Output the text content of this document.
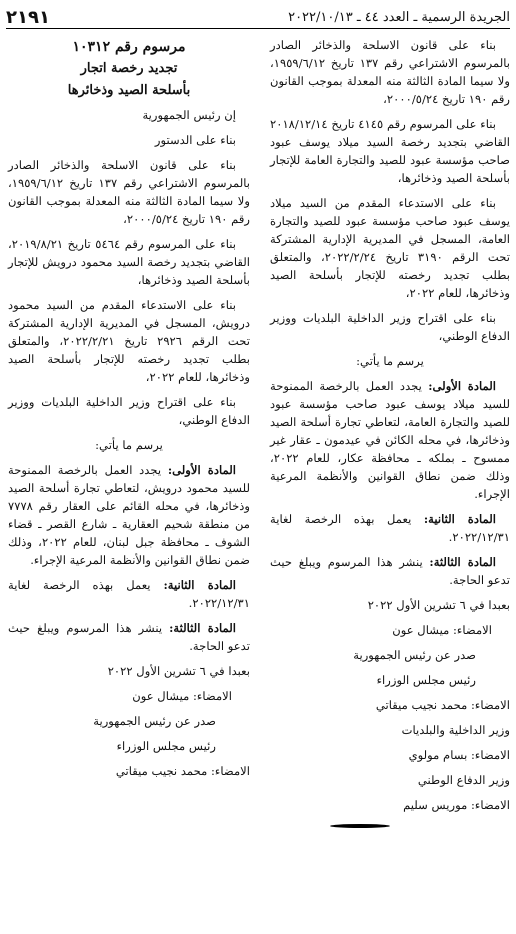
الجريدة الرسمية ـ العدد ٤٤ ـ ٢٠٢٢/١٠/١٣
٢١٩١

بناء على قانون الاسلحة والذخائر الصادر بالمرسوم الاشتراعي رقم ١٣٧ تاريخ ١٩٥٩/٦/١٢، ولا سيما المادة الثالثة منه المعدلة بموجب القانون رقم ١٩٠ تاريخ ٢٠٠٠/٥/٢٤،

بناء على المرسوم رقم ٤١٤٥ تاريخ ٢٠١٨/١٢/١٤ القاضي بتجديد رخصة السيد ميلاد يوسف عبود صاحب مؤسسة عبود للصيد والتجارة العامة للإتجار بأسلحة الصيد وذخائرها،

بناء على الاستدعاء المقدم من السيد ميلاد يوسف عبود صاحب مؤسسة عبود للصيد والتجارة العامة، المسجل في المديرية الإدارية المشتركة تحت الرقم ٣١٩٠ تاريخ ٢٠٢٢/٢/٢٤، والمتعلق بطلب تجديد رخصته للإتجار بأسلحة الصيد وذخائرها، للعام ٢٠٢٢،

بناء على اقتراح وزير الداخلية البلديات ووزير الدفاع الوطني،

يرسم ما يأتي:

المادة الأولى: يجدد العمل بالرخصة الممنوحة للسيد ميلاد يوسف عبود صاحب مؤسسة عبود للصيد والتجارة العامة، لتعاطي تجارة أسلحة الصيد وذخائرها، في محله الكائن في عيدمون ـ عقار غير ممسوح ـ بملكه ـ محافظة عكار، للعام ٢٠٢٢، وذلك ضمن نطاق القوانين والأنظمة المرعية الإجراء.

المادة الثانية: يعمل بهذه الرخصة لغاية ٢٠٢٢/١٢/٣١.

المادة الثالثة: ينشر هذا المرسوم ويبلغ حيث تدعو الحاجة.

بعبدا في ٦ تشرين الأول ٢٠٢٢

الامضاء: ميشال عون

صدر عن رئيس الجمهورية

رئيس مجلس الوزراء

الامضاء: محمد نجيب ميقاتي

وزير الداخلية والبلديات

الامضاء: بسام مولوي

وزير الدفاع الوطني

الامضاء: موريس سليم

مرسوم رقم ١٠٣١٢
تجديد رخصة اتجار
بأسلحة الصيد وذخائرها

إن رئيس الجمهورية

بناء على الدستور

بناء على قانون الاسلحة والذخائر الصادر بالمرسوم الاشتراعي رقم ١٣٧ تاريخ ١٩٥٩/٦/١٢، ولا سيما المادة الثالثة منه المعدلة بموجب القانون رقم ١٩٠ تاريخ ٢٠٠٠/٥/٢٤،

بناء على المرسوم رقم ٥٤٦٤ تاريخ ٢٠١٩/٨/٢١، القاضي بتجديد رخصة السيد محمود درويش للإتجار بأسلحة الصيد وذخائرها،

بناء على الاستدعاء المقدم من السيد محمود درويش، المسجل في المديرية الإدارية المشتركة تحت الرقم ٢٩٢٦ تاريخ ٢٠٢٢/٢/٢١، والمتعلق بطلب تجديد رخصته للإتجار بأسلحة الصيد وذخائرها، للعام ٢٠٢٢،

بناء على اقتراح وزير الداخلية البلديات ووزير الدفاع الوطني،

يرسم ما يأتي:

المادة الأولى: يجدد العمل بالرخصة الممنوحة للسيد محمود درويش، لتعاطي تجارة أسلحة الصيد وذخائرها، في محله القائم على العقار رقم ٧٧٧٨ من منطقة شحيم العقارية ـ شارع القصر ـ قضاء الشوف ـ محافظة جبل لبنان، للعام ٢٠٢٢، وذلك ضمن نطاق القوانين والأنظمة المرعية الإجراء.

المادة الثانية: يعمل بهذه الرخصة لغاية ٢٠٢٢/١٢/٣١.

المادة الثالثة: ينشر هذا المرسوم ويبلغ حيث تدعو الحاجة.

بعبدا في ٦ تشرين الأول ٢٠٢٢

الامضاء: ميشال عون

صدر عن رئيس الجمهورية

رئيس مجلس الوزراء

الامضاء: محمد نجيب ميقاتي
